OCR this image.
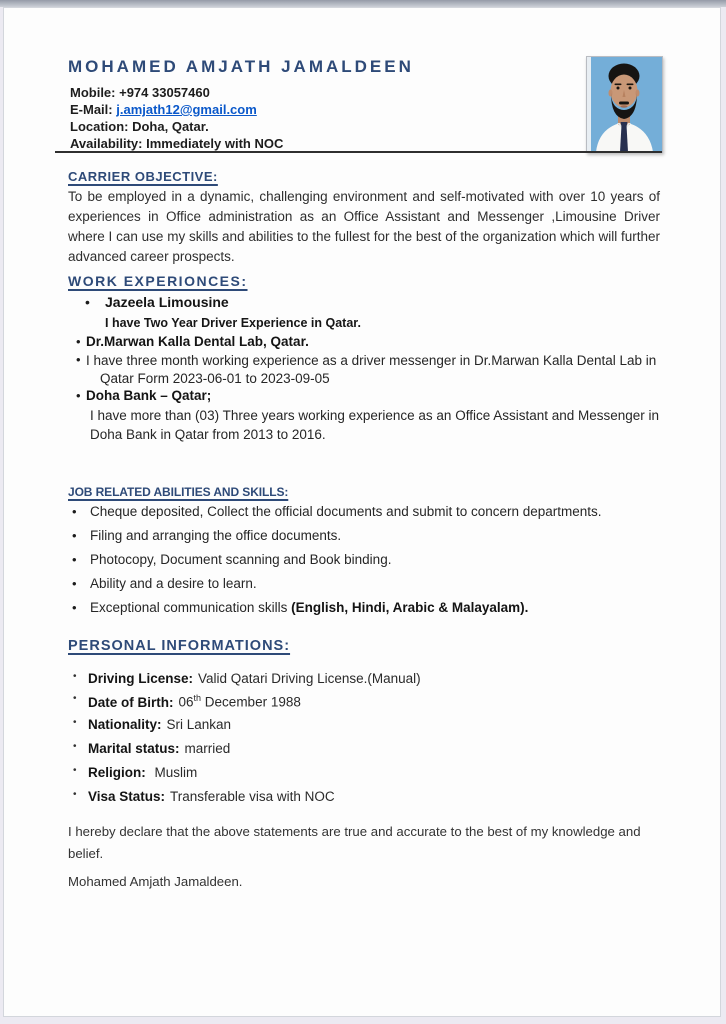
MOHAMED AMJATH JAMALDEEN
Mobile: +974 33057460
E-Mail: j.amjath12@gmail.com
Location: Doha, Qatar.
Availability: Immediately with NOC
CARRIER OBJECTIVE:
To be employed in a dynamic, challenging environment and self-motivated with over 10 years of experiences in Office administration as an Office Assistant and Messenger ,Limousine Driver where I can use my skills and abilities to the fullest for the best of the organization which will further advanced career prospects.
WORK EXPERIONCES:
• Jazeela Limousine
I have Two Year Driver Experience in Qatar.
• Dr.Marwan Kalla Dental Lab, Qatar.
• I have three month working experience as a driver messenger in Dr.Marwan Kalla Dental Lab in Qatar Form 2023-06-01 to 2023-09-05
• Doha Bank – Qatar;
I have more than (03) Three years working experience as an Office Assistant and Messenger in Doha Bank in Qatar from 2013 to 2016.
JOB RELATED ABILITIES AND SKILLS:
• Cheque deposited, Collect the official documents and submit to concern departments.
• Filing and arranging the office documents.
• Photocopy, Document scanning and Book binding.
• Ability and a desire to learn.
• Exceptional communication skills (English, Hindi, Arabic & Malayalam).
PERSONAL INFORMATIONS:
• Driving License: Valid Qatari Driving License.(Manual)
• Date of Birth: 06th December 1988
• Nationality: Sri Lankan
• Marital status: married
• Religion: Muslim
• Visa Status: Transferable visa with NOC
I hereby declare that the above statements are true and accurate to the best of my knowledge and belief.
Mohamed Amjath Jamaldeen.
